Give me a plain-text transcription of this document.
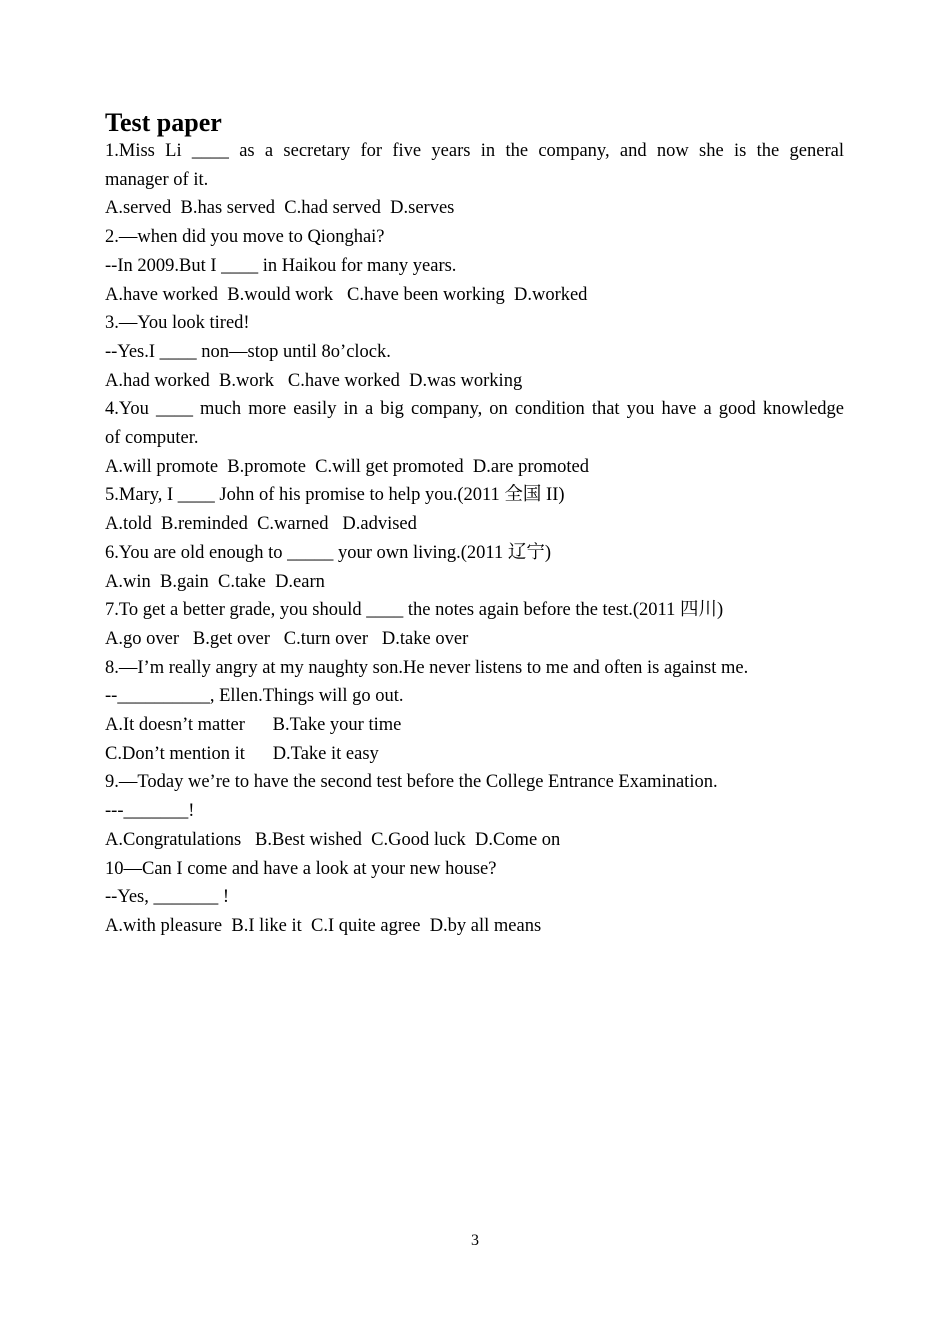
Test paper
1.Miss Li ____ as a secretary for five years in the company, and now she is the general
manager of it.
A.served  B.has served  C.had served  D.serves
2.—when did you move to Qionghai?
--In 2009.But I ____ in Haikou for many years.
A.have worked  B.would work   C.have been working  D.worked
3.—You look tired!
--Yes.I ____ non—stop until 8o’clock.
A.had worked  B.work   C.have worked  D.was working
4.You ____ much more easily in a big company, on condition that you have a good knowledge
of computer.
A.will promote  B.promote  C.will get promoted  D.are promoted
5.Mary, I ____ John of his promise to help you.(2011 全国 II)
A.told  B.reminded  C.warned   D.advised
6.You are old enough to _____ your own living.(2011 辽宁)
A.win  B.gain  C.take  D.earn
7.To get a better grade, you should ____ the notes again before the test.(2011 四川)
A.go over   B.get over   C.turn over   D.take over
8.—I’m really angry at my naughty son.He never listens to me and often is against me.
--__________, Ellen.Things will go out.
A.It doesn’t matter      B.Take your time
C.Don’t mention it      D.Take it easy
9.—Today we’re to have the second test before the College Entrance Examination.
---_______!
A.Congratulations   B.Best wished  C.Good luck  D.Come on
10—Can I come and have a look at your new house?
--Yes, _______ !
A.with pleasure  B.I like it  C.I quite agree  D.by all means
3
